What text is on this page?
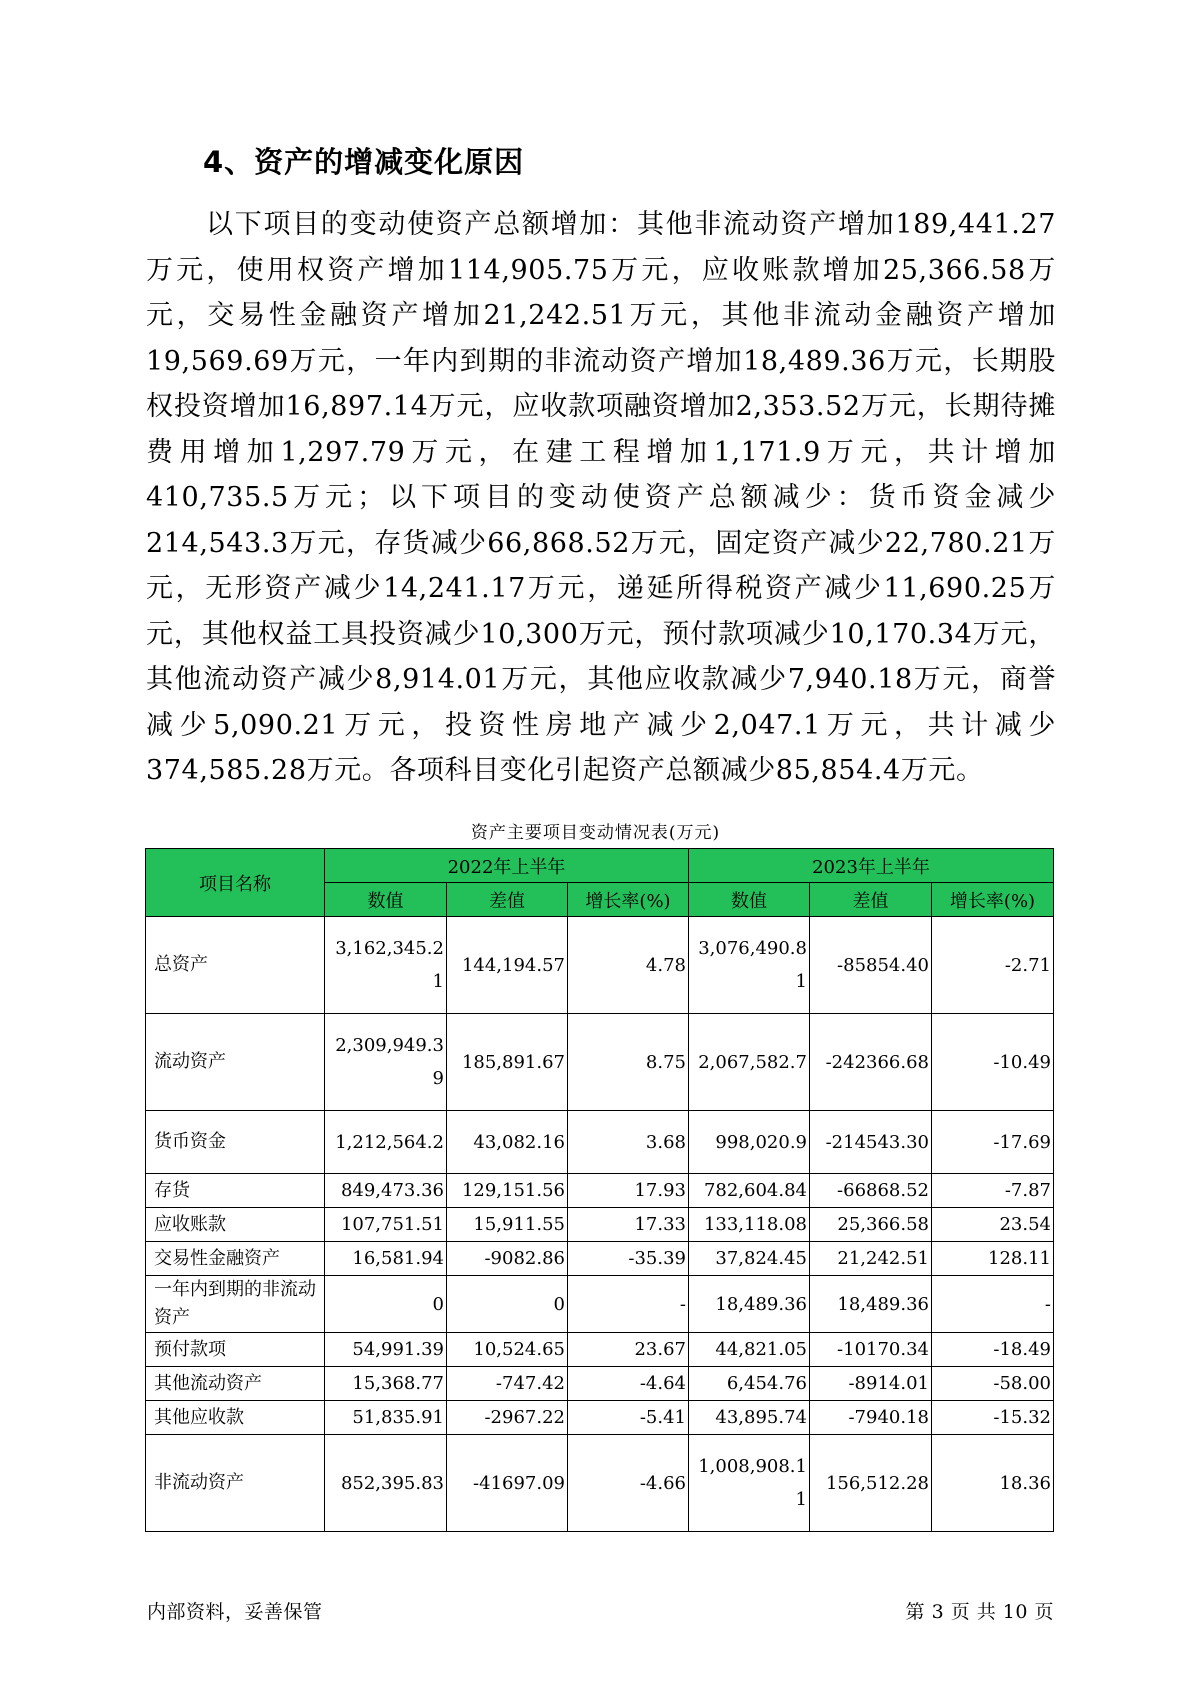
4、资产的增减变化原因

以下项目的变动使资产总额增加：其他非流动资产增加189,441.27万元，使用权资产增加114,905.75万元，应收账款增加25,366.58万元，交易性金融资产增加21,242.51万元，其他非流动金融资产增加19,569.69万元，一年内到期的非流动资产增加18,489.36万元，长期股权投资增加16,897.14万元，应收款项融资增加2,353.52万元，长期待摊费用增加1,297.79万元，在建工程增加1,171.9万元，共计增加410,735.5万元；以下项目的变动使资产总额减少：货币资金减少214,543.3万元，存货减少66,868.52万元，固定资产减少22,780.21万元，无形资产减少14,241.17万元，递延所得税资产减少11,690.25万元，其他权益工具投资减少10,300万元，预付款项减少10,170.34万元，其他流动资产减少8,914.01万元，其他应收款减少7,940.18万元，商誉减少5,090.21万元，投资性房地产减少2,047.1万元，共计减少374,585.28万元。各项科目变化引起资产总额减少85,854.4万元。

资产主要项目变动情况表(万元)
项目名称	2022年上半年			2023年上半年		
	数值	差值	增长率(%)	数值	差值	增长率(%)
总资产	3,162,345.21	144,194.57	4.78	3,076,490.81	-85854.40	-2.71
流动资产	2,309,949.39	185,891.67	8.75	2,067,582.7	-242366.68	-10.49
货币资金	1,212,564.2	43,082.16	3.68	998,020.9	-214543.30	-17.69
存货	849,473.36	129,151.56	17.93	782,604.84	-66868.52	-7.87
应收账款	107,751.51	15,911.55	17.33	133,118.08	25,366.58	23.54
交易性金融资产	16,581.94	-9082.86	-35.39	37,824.45	21,242.51	128.11
一年内到期的非流动资产	0	0	-	18,489.36	18,489.36	-
预付款项	54,991.39	10,524.65	23.67	44,821.05	-10170.34	-18.49
其他流动资产	15,368.77	-747.42	-4.64	6,454.76	-8914.01	-58.00
其他应收款	51,835.91	-2967.22	-5.41	43,895.74	-7940.18	-15.32
非流动资产	852,395.83	-41697.09	-4.66	1,008,908.11	156,512.28	18.36
内部资料，妥善保管	第 3 页 共 10 页
